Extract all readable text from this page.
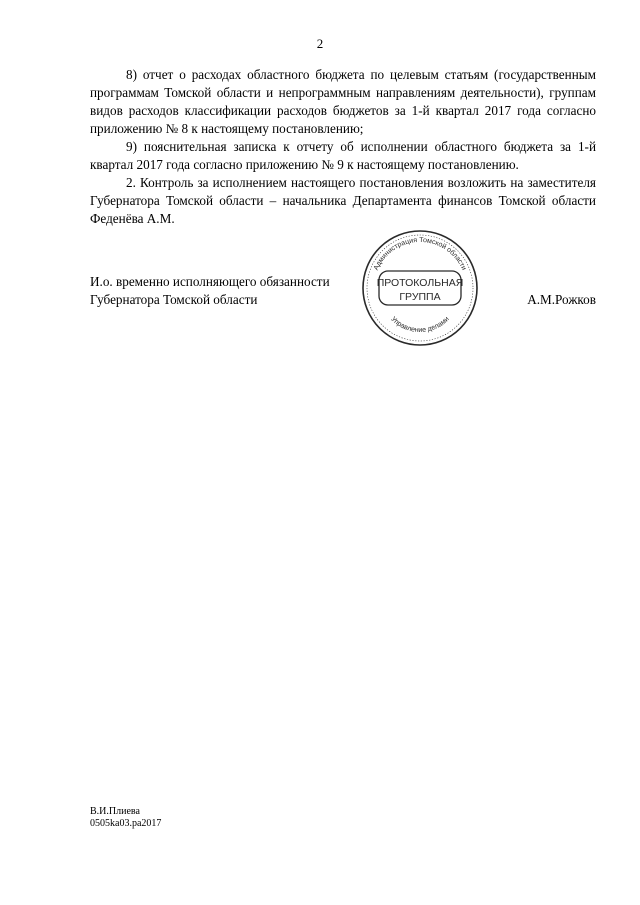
2

8) отчет о расходах областного бюджета по целевым статьям (государственным программам Томской области и непрограммным направлениям деятельности), группам видов расходов классификации расходов бюджетов за 1-й квартал 2017 года согласно приложению № 8 к настоящему постановлению;

9) пояснительная записка к отчету об исполнении областного бюджета за 1-й квартал 2017 года согласно приложению № 9 к настоящему постановлению.

2. Контроль за исполнением настоящего постановления возложить на заместителя Губернатора Томской области – начальника Департамента финансов Томской области Феденёва А.М.

И.о. временно исполняющего обязанности
Губернатора Томской области	А.М.Рожков
Администрация Томской области
Управление делами
ПРОТОКОЛЬНАЯ
ГРУППА
В.И.Плиева
0505ka03.pa2017
